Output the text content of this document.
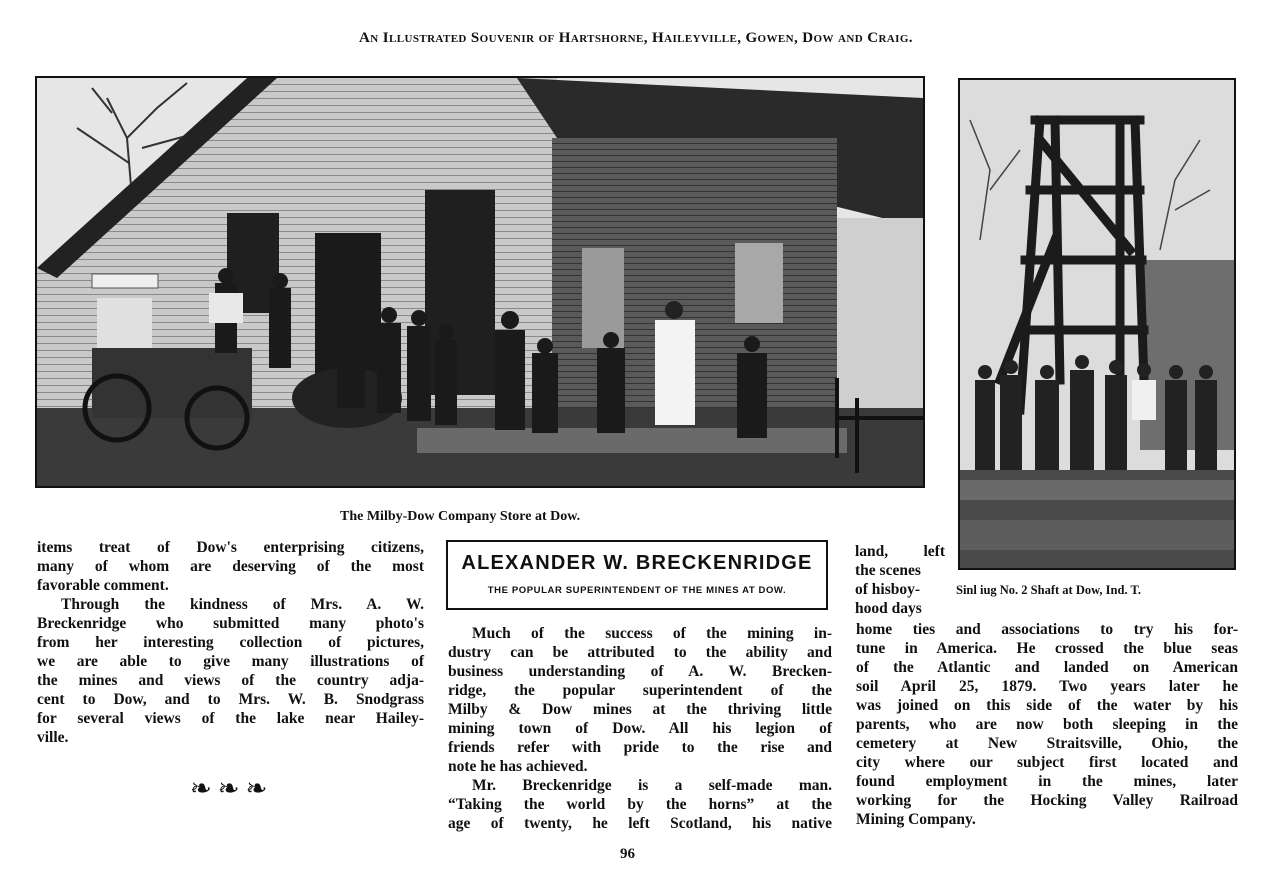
An Illustrated Souvenir of Hartshorne, Haileyville, Gowen, Dow and Craig.
The Milby-Dow Company Store at Dow.
Sinl iug No. 2 Shaft at Dow, Ind. T.

items treat of Dow's enterprising citizens,

many of whom are deserving of the most

favorable comment.

Through the kindness of Mrs. A. W.

Breckenridge who submitted many photo's

from her interesting collection of pictures,

we are able to give many illustrations of

the mines and views of the country adja-

cent to Dow, and to Mrs. W. B. Snodgrass

for several views of the lake near Hailey-

ville.

❧❧❧
ALEXANDER W. BRECKENRIDGE
THE POPULAR SUPERINTENDENT OF THE MINES AT DOW.

Much of the success of the mining in-

dustry can be attributed to the ability and

business understanding of A. W. Brecken-

ridge, the popular superintendent of the

Milby & Dow mines at the thriving little

mining town of Dow. All his legion of

friends refer with pride to the rise and

note he has achieved.

Mr. Breckenridge is a self-made man.

“Taking the world by the horns” at the

age of twenty, he left Scotland, his native

land, left

the scenes

of hisboy-

hood days

home ties and associations to try his for-

tune in America. He crossed the blue seas

of the Atlantic and landed on American

soil April 25, 1879. Two years later he

was joined on this side of the water by his

parents, who are now both sleeping in the

cemetery at New Straitsville, Ohio, the

city where our subject first located and

found employment in the mines, later

working for the Hocking Valley Railroad

Mining Company.

96
